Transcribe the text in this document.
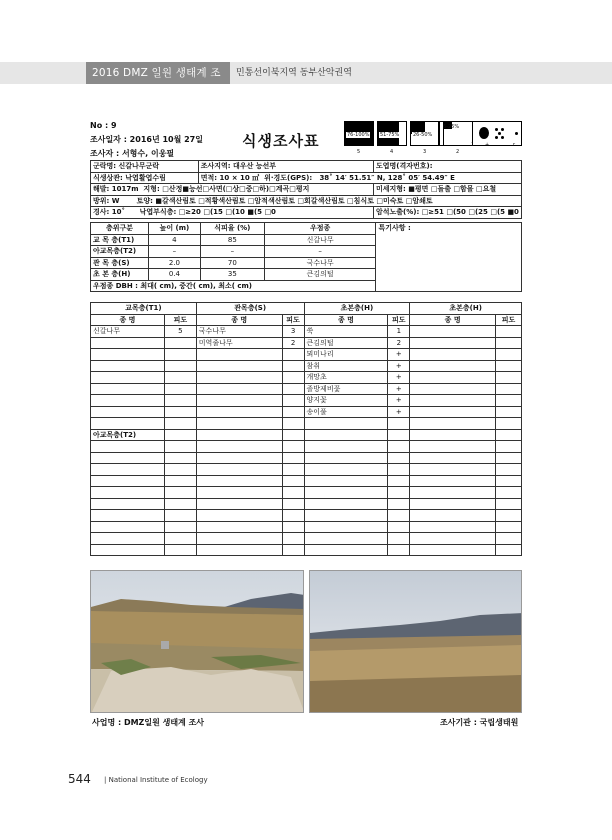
2016 DMZ 일원 생태계 조사
민통선이북지역 동부산악권역
No : 9
조사일자 : 2016년 10월 27일
조사자 : 서형수, 이웅필
식생조사표	76-100%
5
51-75%
4
26-50%
3	2
6-25%
1 +	r
군락명: 신갈나무군락	조사지역: 대우산 능선부	도엽명(격자번호):
식생상관: 낙엽활엽수림	면적: 10 × 10 ㎡ 위·경도(GPS): 38˚ 14′ 51.51″ N, 128˚ 05′ 54.49″ E	
해발: 1017m 지형: □산정■능선□사면(□상□중□하)□계곡□평지		미세지형: ■평면 □돌출 □함몰 □요철
방위: W 토양: ■갈색산림토 □적황색산림토 □암적색산림토 □회갈색산림토 □침식토 □미숙토 □암쇄토		
경사: 10˚ 낙엽부식층: □≥20 □(15 □(10 ■(5 □0		암석노출(%): □≥51 □(50 □(25 □(5 ■0
층위구분	높이 (m)	식피율 (%)	우점종	특기사항 :
교 목 층(T1)	4	85	신갈나무	
아교목층(T2)	–	–	–	
관 목 층(S)	2.0	70	국수나무	
초 본 층(H)	0.4	35	큰김의털	
우점종 DBH : 최대( cm), 중간( cm), 최소( cm)				
교목층(T1)		관목층(S)		초본층(H)		초본층(H)	
종 명	피도	종 명	피도	종 명	피도	종 명	피도
신갈나무	5	국수나무	3	쑥	1		
		미역줄나무	2	큰김의털	2		
				뫼미나리	+		
				참취	+		
				개망초	+		
				졸방제비꽃	+		
				양지꽃	+		
				송이풀	+		

아교목층(T2)							

사업명 : DMZ일원 생태계 조사	조사기관 : 국립생태원
544 | National Institute of Ecology
